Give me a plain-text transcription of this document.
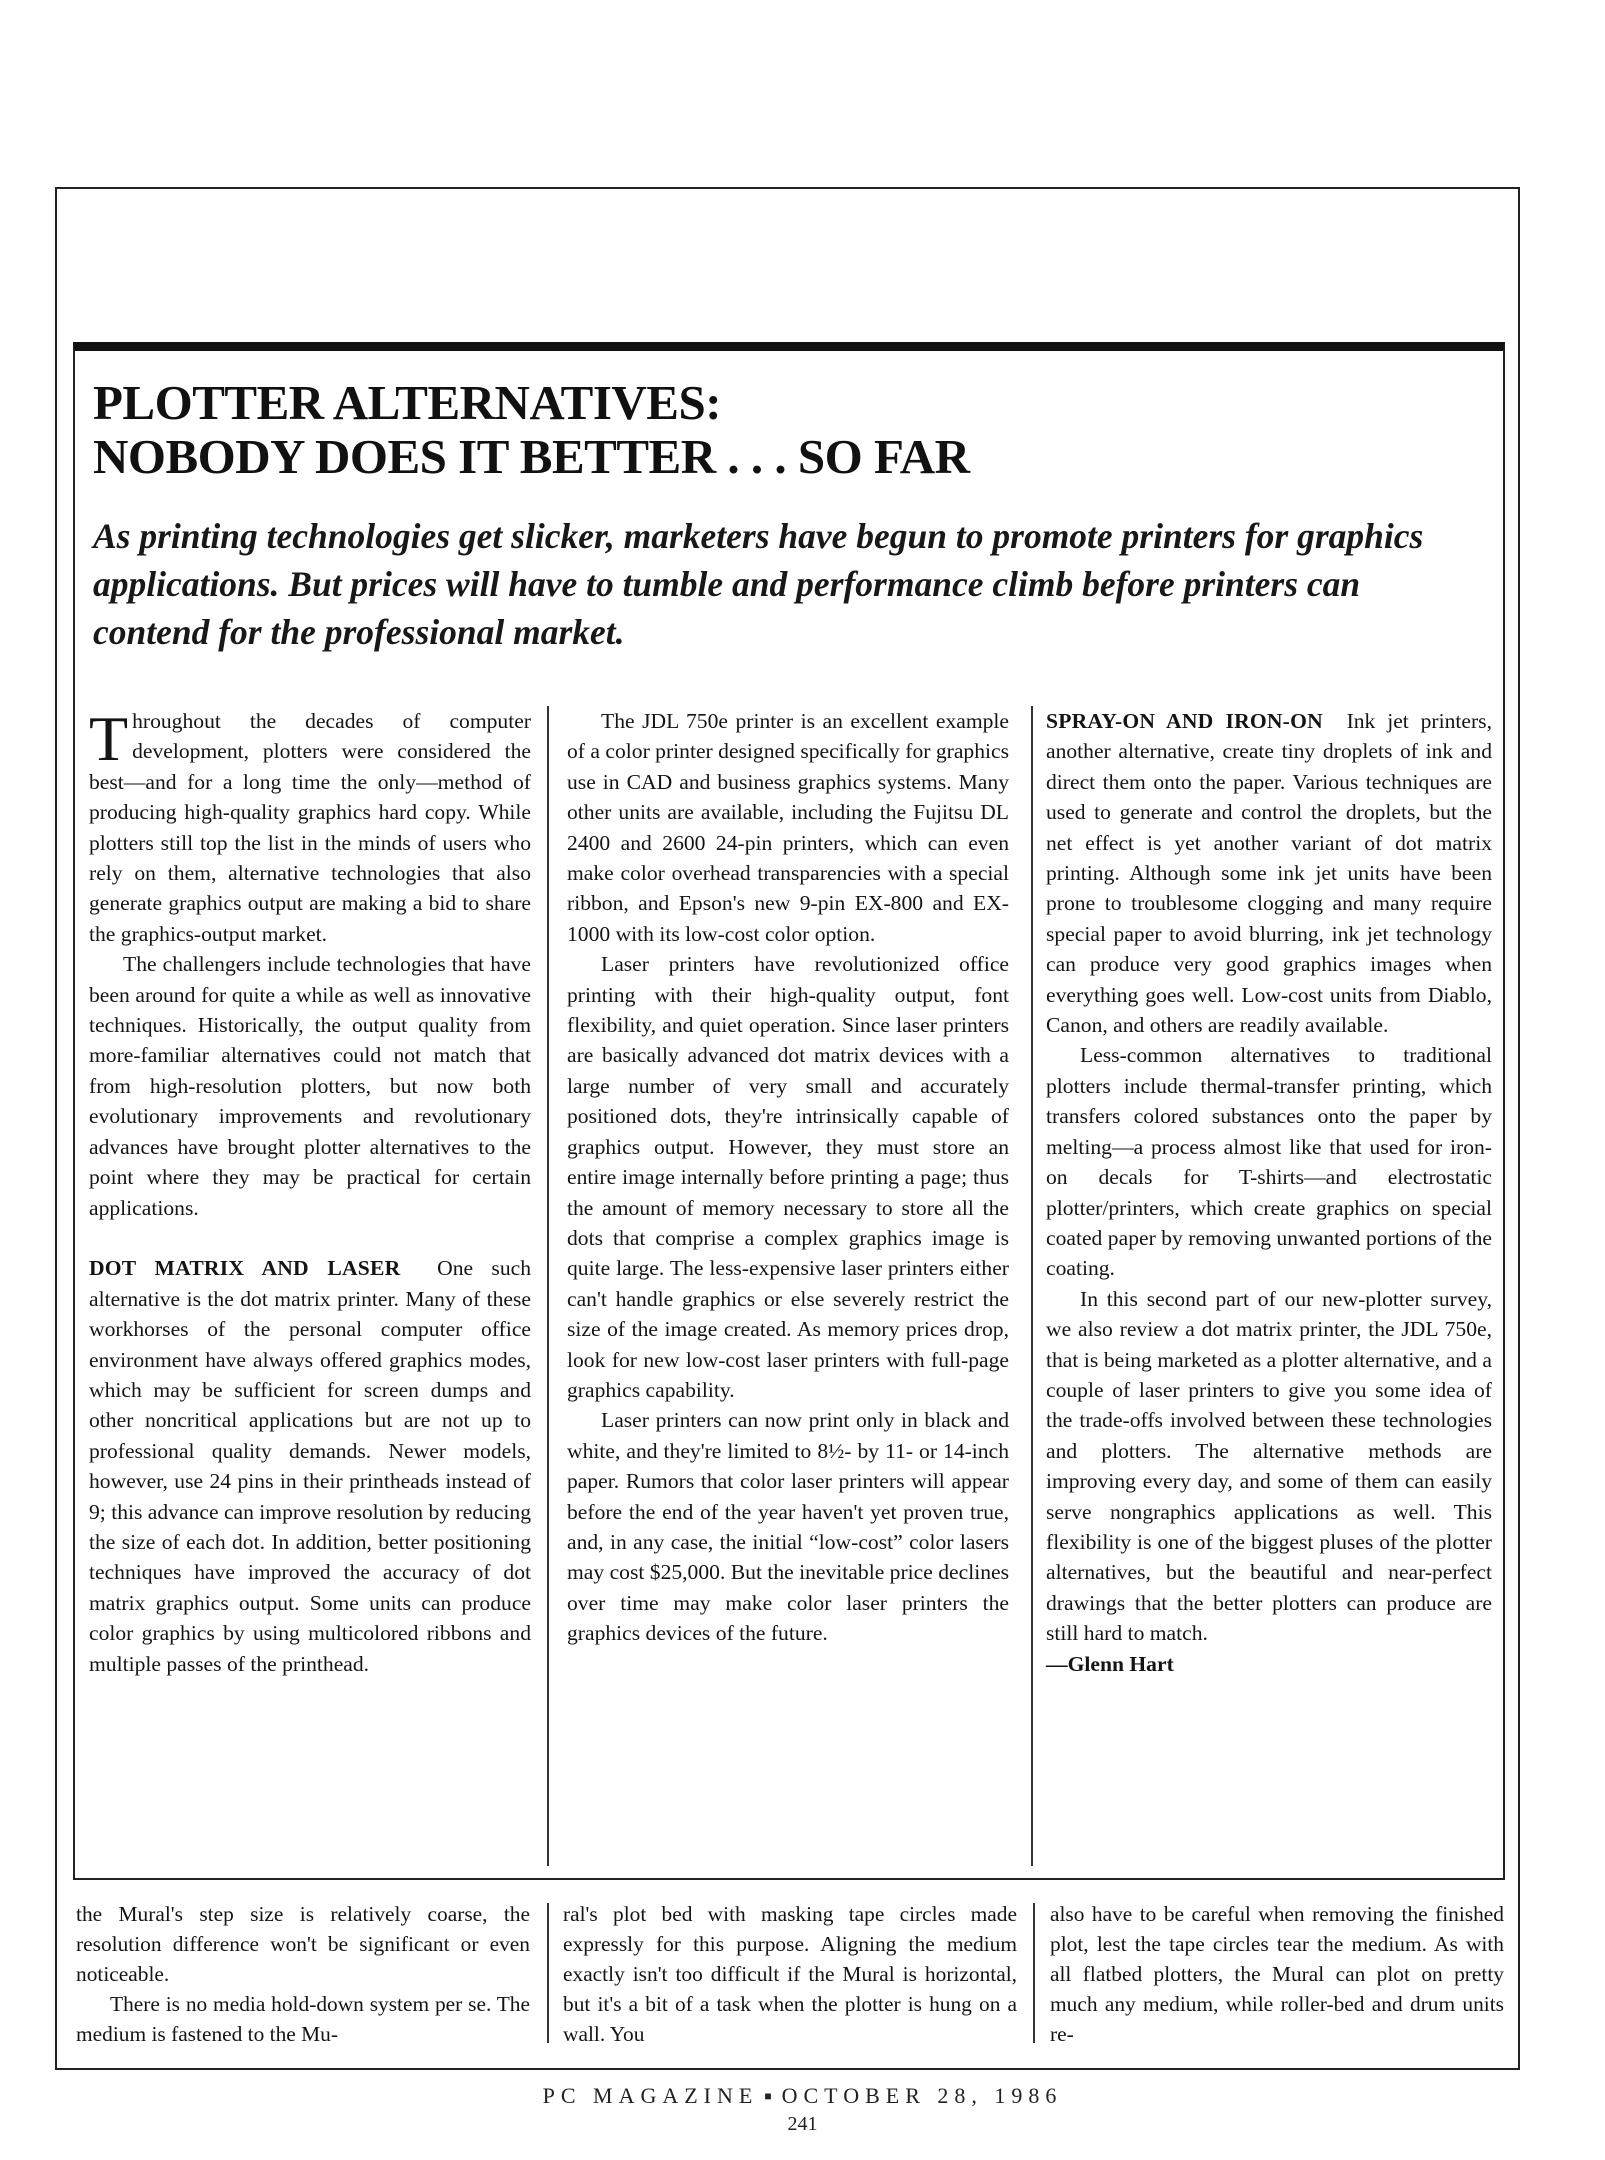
PLOTTER ALTERNATIVES:
NOBODY DOES IT BETTER . . . SO FAR

As printing technologies get slicker, marketers have begun to promote printers for graphics applications. But prices will have to tumble and performance climb before printers can contend for the professional market.

Throughout the decades of computer development, plotters were considered the best—and for a long time the only—method of producing high-quality graphics hard copy. While plotters still top the list in the minds of users who rely on them, alternative technologies that also generate graphics output are making a bid to share the graphics-output market.

The challengers include technologies that have been around for quite a while as well as innovative techniques. Historically, the output quality from more-familiar alternatives could not match that from high-resolution plotters, but now both evolutionary improvements and revolutionary advances have brought plotter alternatives to the point where they may be practical for certain applications.

DOT MATRIX AND LASER One such alternative is the dot matrix printer. Many of these workhorses of the personal computer office environment have always offered graphics modes, which may be sufficient for screen dumps and other noncritical applications but are not up to professional quality demands. Newer models, however, use 24 pins in their printheads instead of 9; this advance can improve resolution by reducing the size of each dot. In addition, better positioning techniques have improved the accuracy of dot matrix graphics output. Some units can produce color graphics by using multicolored ribbons and multiple passes of the printhead.

The JDL 750e printer is an excellent example of a color printer designed specifically for graphics use in CAD and business graphics systems. Many other units are available, including the Fujitsu DL 2400 and 2600 24-pin printers, which can even make color overhead transparencies with a special ribbon, and Epson's new 9-pin EX-800 and EX-1000 with its low-cost color option.

Laser printers have revolutionized office printing with their high-quality output, font flexibility, and quiet operation. Since laser printers are basically advanced dot matrix devices with a large number of very small and accurately positioned dots, they're intrinsically capable of graphics output. However, they must store an entire image internally before printing a page; thus the amount of memory necessary to store all the dots that comprise a complex graphics image is quite large. The less-expensive laser printers either can't handle graphics or else severely restrict the size of the image created. As memory prices drop, look for new low-cost laser printers with full-page graphics capability.

Laser printers can now print only in black and white, and they're limited to 8½- by 11- or 14-inch paper. Rumors that color laser printers will appear before the end of the year haven't yet proven true, and, in any case, the initial “low-cost” color lasers may cost $25,000. But the inevitable price declines over time may make color laser printers the graphics devices of the future.

SPRAY-ON AND IRON-ON Ink jet printers, another alternative, create tiny droplets of ink and direct them onto the paper. Various techniques are used to generate and control the droplets, but the net effect is yet another variant of dot matrix printing. Although some ink jet units have been prone to troublesome clogging and many require special paper to avoid blurring, ink jet technology can produce very good graphics images when everything goes well. Low-cost units from Diablo, Canon, and others are readily available.

Less-common alternatives to traditional plotters include thermal-transfer printing, which transfers colored substances onto the paper by melting—a process almost like that used for iron-on decals for T-shirts—and electrostatic plotter/printers, which create graphics on special coated paper by removing unwanted portions of the coating.

In this second part of our new-plotter survey, we also review a dot matrix printer, the JDL 750e, that is being marketed as a plotter alternative, and a couple of laser printers to give you some idea of the trade-offs involved between these technologies and plotters. The alternative methods are improving every day, and some of them can easily serve nongraphics applications as well. This flexibility is one of the biggest pluses of the plotter alternatives, but the beautiful and near-perfect drawings that the better plotters can produce are still hard to match.

—Glenn Hart

the Mural's step size is relatively coarse, the resolution difference won't be significant or even noticeable.

There is no media hold-down system per se. The medium is fastened to the Mu-

ral's plot bed with masking tape circles made expressly for this purpose. Aligning the medium exactly isn't too difficult if the Mural is horizontal, but it's a bit of a task when the plotter is hung on a wall. You

also have to be careful when removing the finished plot, lest the tape circles tear the medium. As with all flatbed plotters, the Mural can plot on pretty much any medium, while roller-bed and drum units re-

PC MAGAZINE ■ OCTOBER 28, 1986
241
